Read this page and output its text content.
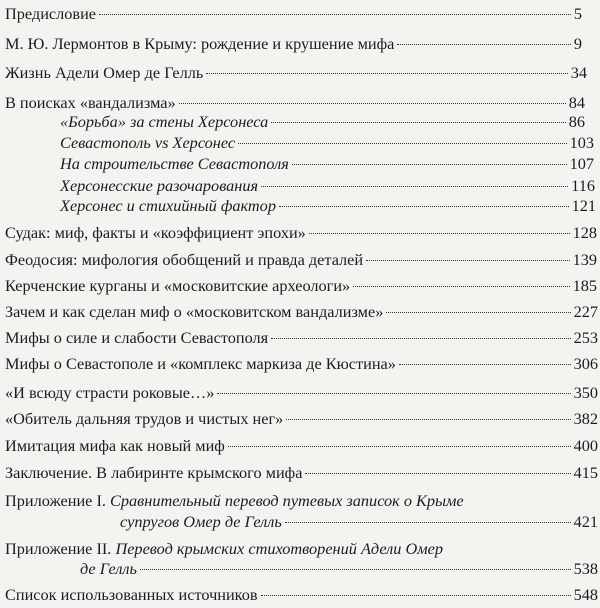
Предисловие	5
М. Ю. Лермонтов в Крыму: рождение и крушение мифа	9
Жизнь Адели Омер де Гелль	34
В поисках «вандализма»	84
«Борьба» за стены Херсонеса	86
Севастополь vs Херсонес	103
На строительстве Севастополя	107
Херсонесские разочарования	116
Херсонес и стихийный фактор	121
Судак: миф, факты и «коэффициент эпохи»	128
Феодосия: мифология обобщений и правда деталей	139
Керченские курганы и «московитские археологи»	185
Зачем и как сделан миф о «московитском вандализме»	227
Мифы о силе и слабости Севастополя	253
Мифы о Севастополе и «комплекс маркиза де Кюстина»	306
«И всюду страсти роковые…»	350
«Обитель дальняя трудов и чистых нег»	382
Имитация мифа как новый миф	400
Заключение. В лабиринте крымского мифа	415
Приложение I. Сравнительный перевод путевых записок о Крыме
супругов Омер де Гелль	421
Приложение II. Перевод крымских стихотворений Адели Омер
де Гелль	538
Список использованных источников	548
